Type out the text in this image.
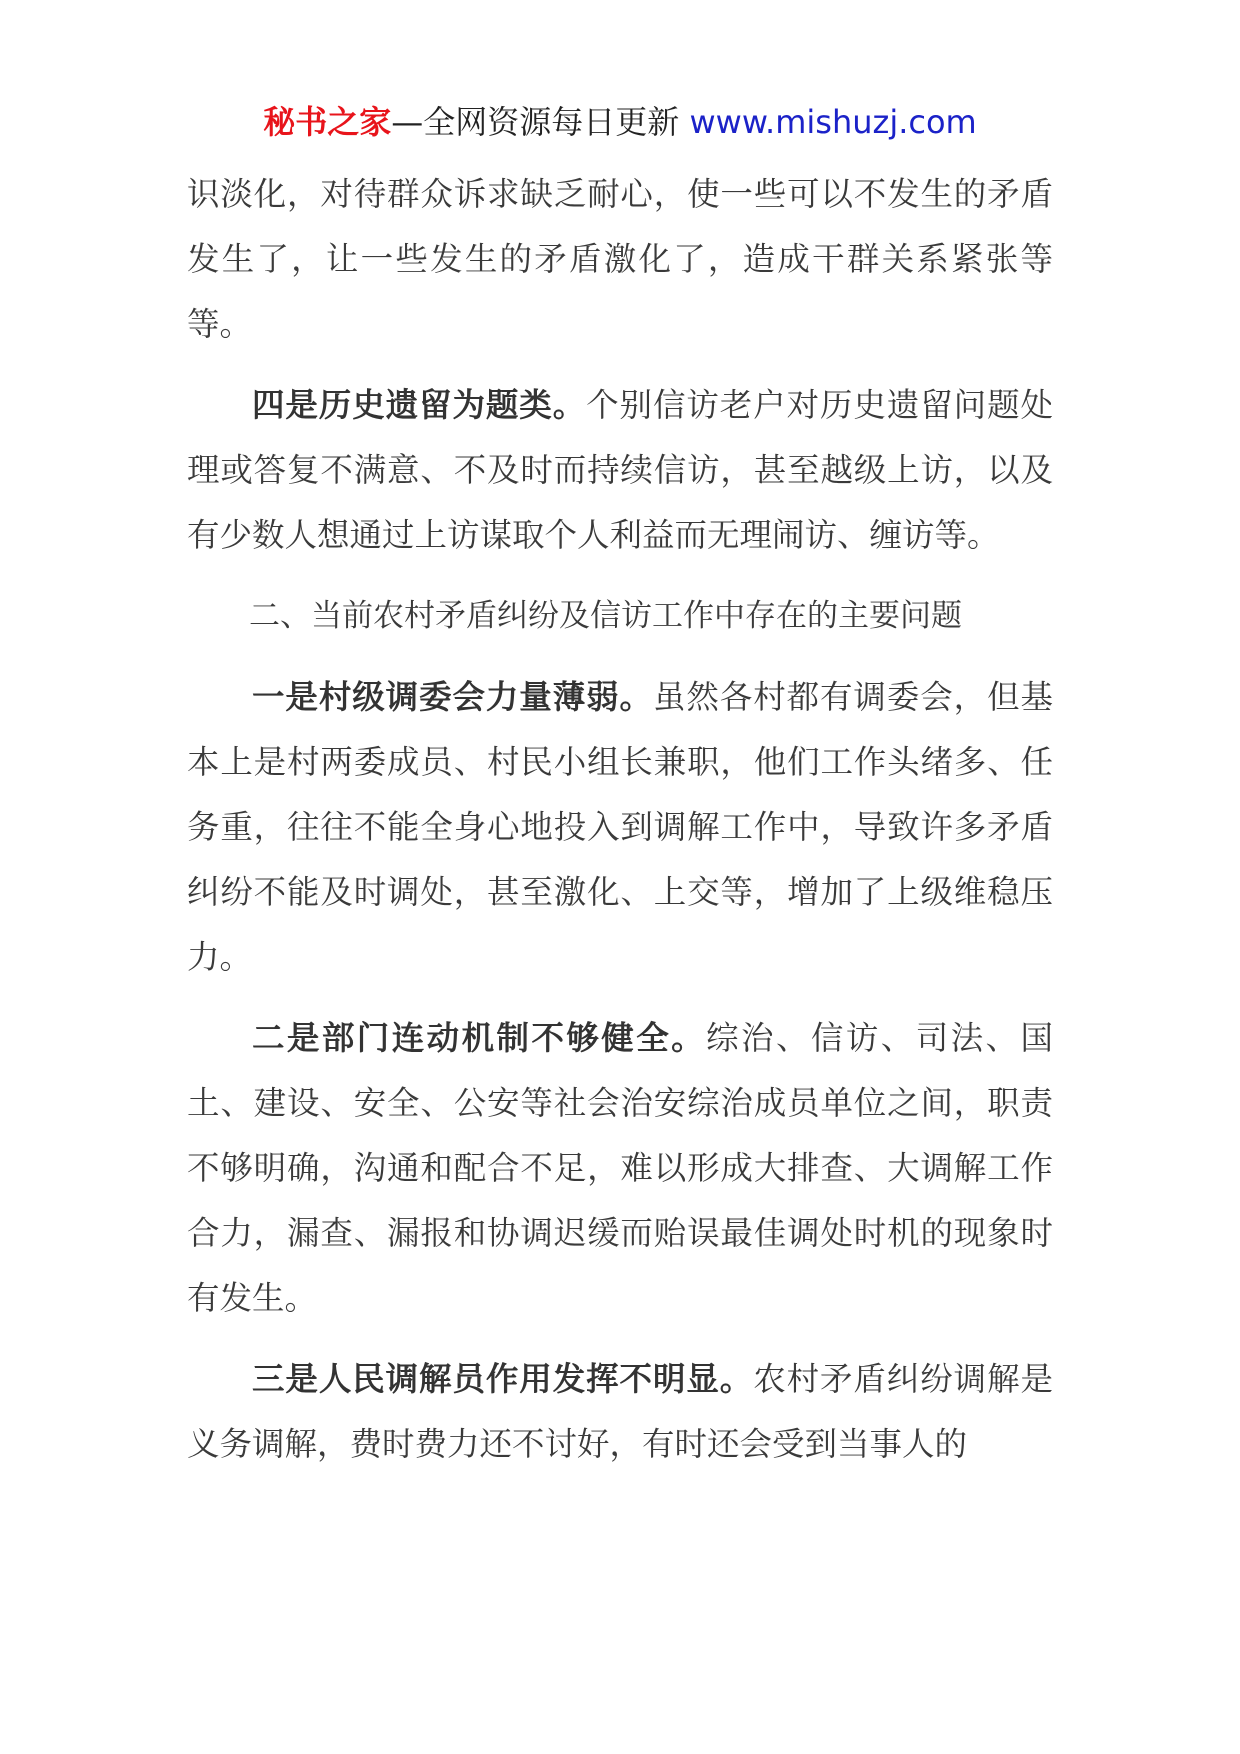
秘书之家—全网资源每日更新 www.mishuzj.com

识淡化，对待群众诉求缺乏耐心，使一些可以不发生的矛盾发生了，让一些发生的矛盾激化了，造成干群关系紧张等等。

四是历史遗留为题类。个别信访老户对历史遗留问题处理或答复不满意、不及时而持续信访，甚至越级上访，以及有少数人想通过上访谋取个人利益而无理闹访、缠访等。

二、当前农村矛盾纠纷及信访工作中存在的主要问题

一是村级调委会力量薄弱。虽然各村都有调委会，但基本上是村两委成员、村民小组长兼职，他们工作头绪多、任务重，往往不能全身心地投入到调解工作中，导致许多矛盾纠纷不能及时调处，甚至激化、上交等，增加了上级维稳压力。

二是部门连动机制不够健全。综治、信访、司法、国土、建设、安全、公安等社会治安综治成员单位之间，职责不够明确，沟通和配合不足，难以形成大排查、大调解工作合力，漏查、漏报和协调迟缓而贻误最佳调处时机的现象时有发生。

三是人民调解员作用发挥不明显。农村矛盾纠纷调解是义务调解，费时费力还不讨好，有时还会受到当事人的
